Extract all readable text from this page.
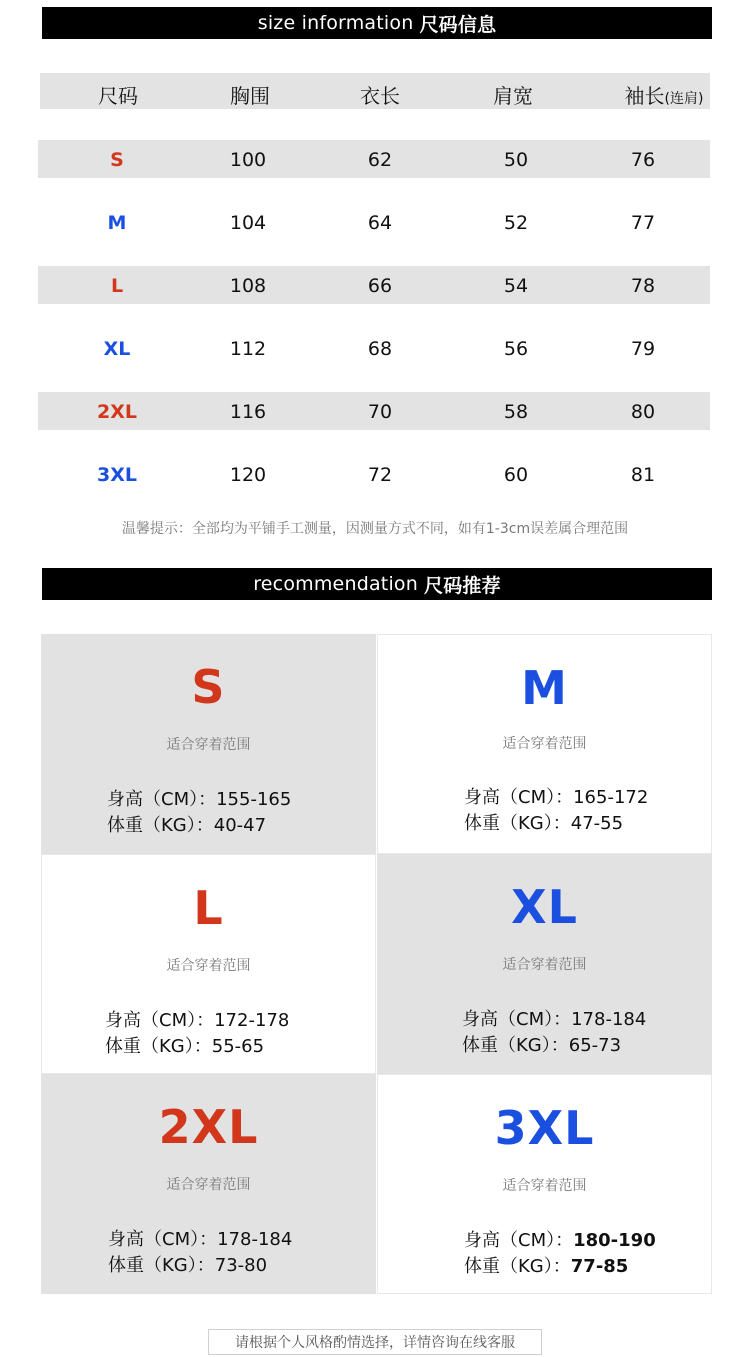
size information 尺码信息
尺码	胸围	衣长	肩宽	袖长(连肩)
S	100	62	50	76
M	104	64	52	77
L	108	66	54	78
XL	112	68	56	79
2XL	116	70	58	80
3XL	120	72	60	81
温馨提示：全部均为平铺手工测量，因测量方式不同，如有1-3cm误差属合理范围
recommendation 尺码推荐
S
适合穿着范围
身高（CM）：155-165
体重（KG）：40-47
M
适合穿着范围
身高（CM）：165-172
体重（KG）：47-55
L
适合穿着范围
身高（CM）：172-178
体重（KG）：55-65
XL
适合穿着范围
身高（CM）：178-184
体重（KG）：65-73
2XL
适合穿着范围
身高（CM）：178-184
体重（KG）：73-80
3XL
适合穿着范围
身高（CM）：180-190
体重（KG）：77-85
请根据个人风格酌情选择，详情咨询在线客服
